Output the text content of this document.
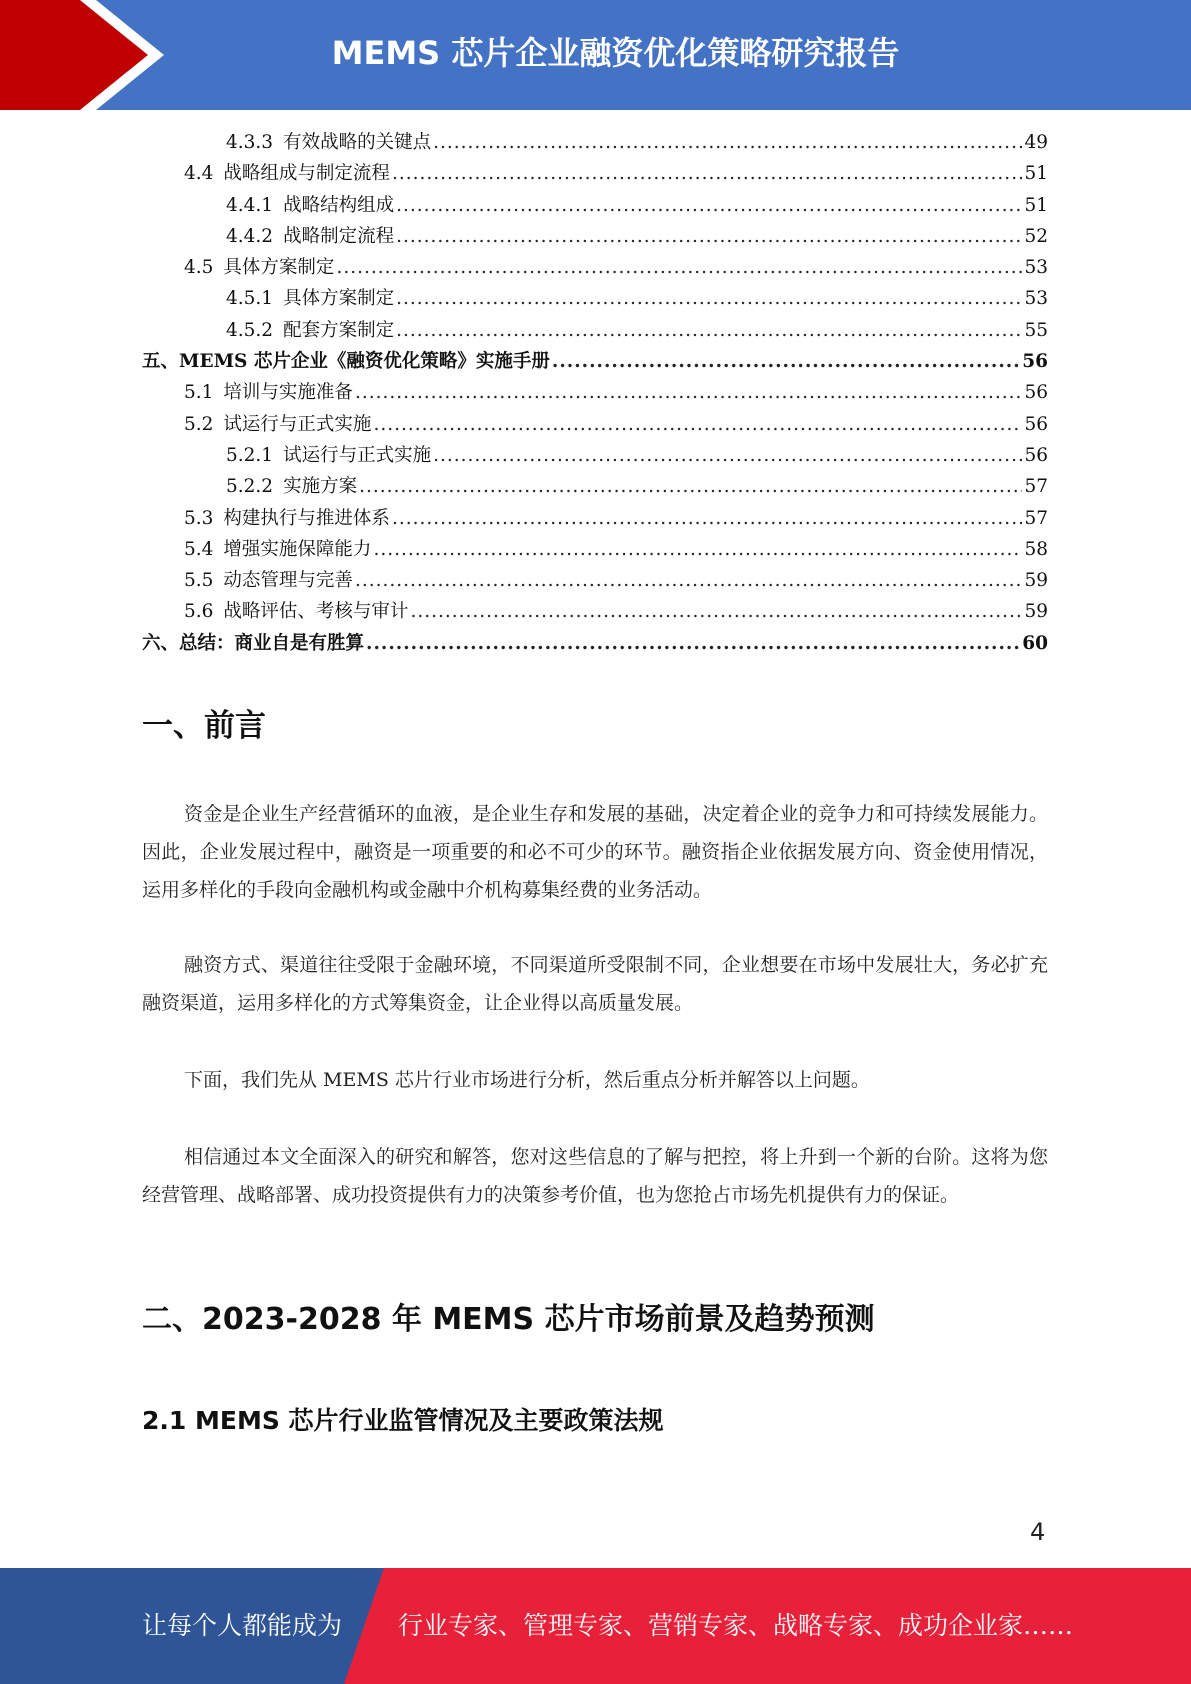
MEMS 芯片企业融资优化策略研究报告
4.3.3 有效战略的关键点 .....	49
4.4 战略组成与制定流程 .....	51
4.4.1 战略结构组成 .....	51
4.4.2 战略制定流程 .....	52
4.5 具体方案制定 .....	53
4.5.1 具体方案制定 .....	53
4.5.2 配套方案制定 .....	55
五、MEMS 芯片企业《融资优化策略》实施手册 .....	56
5.1 培训与实施准备 .....	56
5.2 试运行与正式实施 .....	56
5.2.1 试运行与正式实施 .....	56
5.2.2 实施方案 .....	57
5.3 构建执行与推进体系 .....	57
5.4 增强实施保障能力 .....	58
5.5 动态管理与完善 .....	59
5.6 战略评估、考核与审计 .....	59
六、总结：商业自是有胜算 .....	60
一、前言
资金是企业生产经营循环的血液，是企业生存和发展的基础，决定着企业的竞争力和可持续发展能力。因此，企业发展过程中，融资是一项重要的和必不可少的环节。融资指企业依据发展方向、资金使用情况，运用多样化的手段向金融机构或金融中介机构募集经费的业务活动。
融资方式、渠道往往受限于金融环境，不同渠道所受限制不同，企业想要在市场中发展壮大，务必扩充融资渠道，运用多样化的方式筹集资金，让企业得以高质量发展。
下面，我们先从 MEMS 芯片行业市场进行分析，然后重点分析并解答以上问题。
相信通过本文全面深入的研究和解答，您对这些信息的了解与把控，将上升到一个新的台阶。这将为您经营管理、战略部署、成功投资提供有力的决策参考价值，也为您抢占市场先机提供有力的保证。
二、2023-2028 年 MEMS 芯片市场前景及趋势预测
2.1 MEMS 芯片行业监管情况及主要政策法规
4
让每个人都能成为 行业专家、管理专家、营销专家、战略专家、成功企业家……
